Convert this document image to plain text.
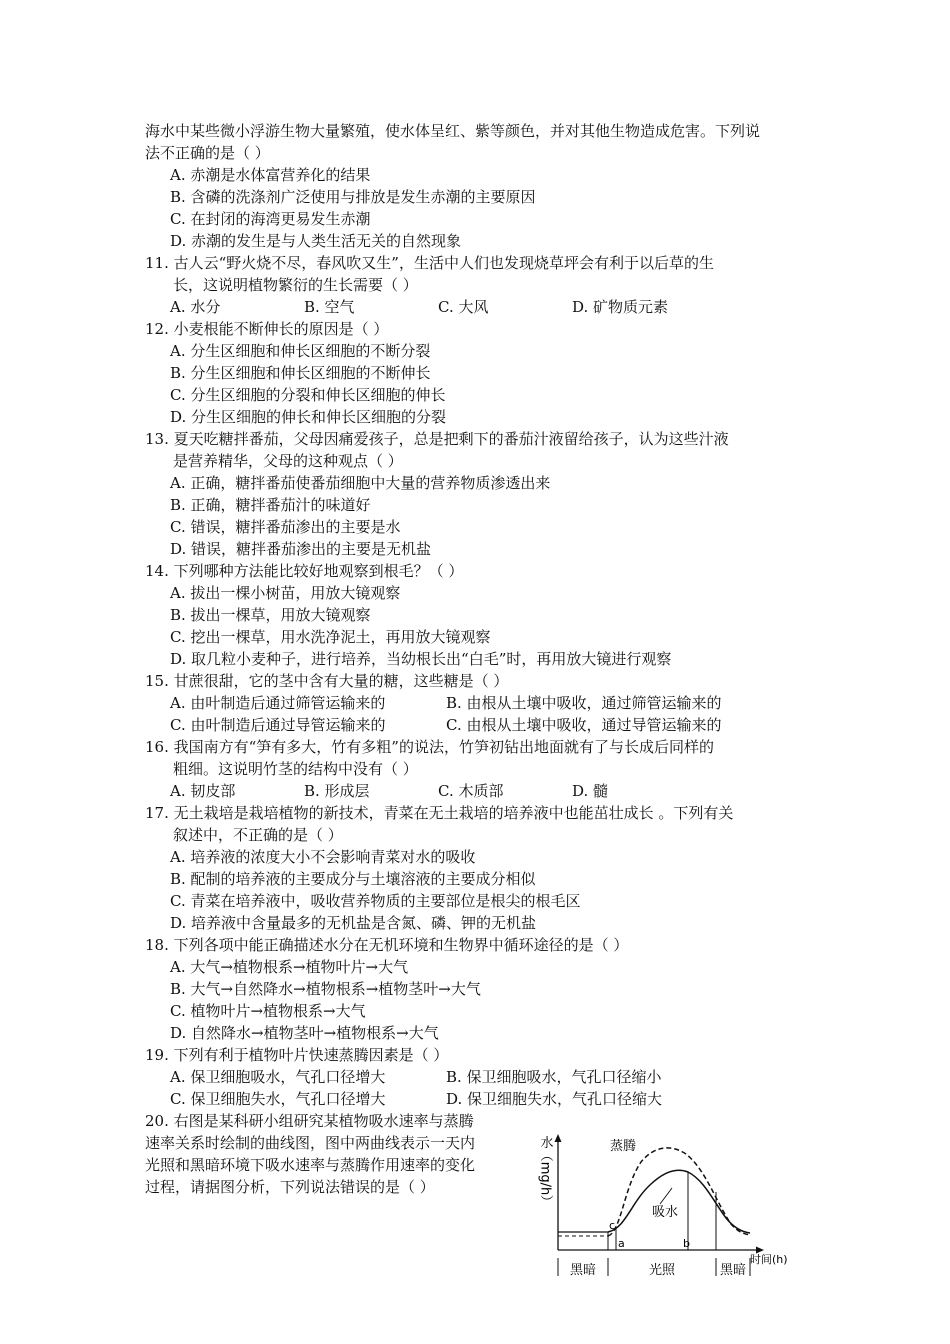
海水中某些微小浮游生物大量繁殖，使水体呈红、紫等颜色，并对其他生物造成危害。下列说
法不正确的是（ ）
A. 赤潮是水体富营养化的结果
B. 含磷的洗涤剂广泛使用与排放是发生赤潮的主要原因
C. 在封闭的海湾更易发生赤潮
D. 赤潮的发生是与人类生活无关的自然现象
11. 古人云“野火烧不尽，春风吹又生”，生活中人们也发现烧草坪会有利于以后草的生
长，这说明植物繁衍的生长需要（ ）
A. 水分	B. 空气	C. 大风	D. 矿物质元素
12. 小麦根能不断伸长的原因是（ ）
A. 分生区细胞和伸长区细胞的不断分裂
B. 分生区细胞和伸长区细胞的不断伸长
C. 分生区细胞的分裂和伸长区细胞的伸长
D. 分生区细胞的伸长和伸长区细胞的分裂
13. 夏天吃糖拌番茄，父母因痛爱孩子，总是把剩下的番茄汁液留给孩子，认为这些汁液
是营养精华，父母的这种观点（ ）
A. 正确，糖拌番茄使番茄细胞中大量的营养物质渗透出来
B. 正确，糖拌番茄汁的味道好
C. 错误，糖拌番茄渗出的主要是水
D. 错误，糖拌番茄渗出的主要是无机盐
14. 下列哪种方法能比较好地观察到根毛？（ ）
A. 拔出一棵小树苗，用放大镜观察
B. 拔出一棵草，用放大镜观察
C. 挖出一棵草，用水洗净泥土，再用放大镜观察
D. 取几粒小麦种子，进行培养，当幼根长出“白毛”时，再用放大镜进行观察
15. 甘蔗很甜，它的茎中含有大量的糖，这些糖是（ ）
A. 由叶制造后通过筛管运输来的	B. 由根从土壤中吸收，通过筛管运输来的
C. 由叶制造后通过导管运输来的	C. 由根从土壤中吸收，通过导管运输来的
16. 我国南方有“笋有多大，竹有多粗”的说法，竹笋初钻出地面就有了与长成后同样的
粗细。这说明竹茎的结构中没有（ ）
A. 韧皮部	B. 形成层	C. 木质部	D. 髓
17. 无土栽培是栽培植物的新技术，青菜在无土栽培的培养液中也能茁壮成长 。下列有关
叙述中，不正确的是（ ）
A. 培养液的浓度大小不会影响青菜对水的吸收
B. 配制的培养液的主要成分与土壤溶液的主要成分相似
C. 青菜在培养液中，吸收营养物质的主要部位是根尖的根毛区
D. 培养液中含量最多的无机盐是含氮、磷、钾的无机盐
18. 下列各项中能正确描述水分在无机环境和生物界中循环途径的是（ ）
A. 大气→植物根系→植物叶片→大气
B. 大气→自然降水→植物根系→植物茎叶→大气
C. 植物叶片→植物根系→大气
D. 自然降水→植物茎叶→植物根系→大气
19. 下列有利于植物叶片快速蒸腾因素是（ ）
A. 保卫细胞吸水，气孔口径增大	B. 保卫细胞吸水，气孔口径缩小
C. 保卫细胞失水，气孔口径增大	D. 保卫细胞失水，气孔口径缩大
20. 右图是某科研小组研究某植物吸水速率与蒸腾
速率关系时绘制的曲线图，图中两曲线表示一天内
光照和黑暗环境下吸水速率与蒸腾作用速率的变化
过程，请据图分析，下列说法错误的是（ ）	水（mg/h）	蒸腾
吸水
c
a	b
时间(h)
黑暗	光照	黑暗
